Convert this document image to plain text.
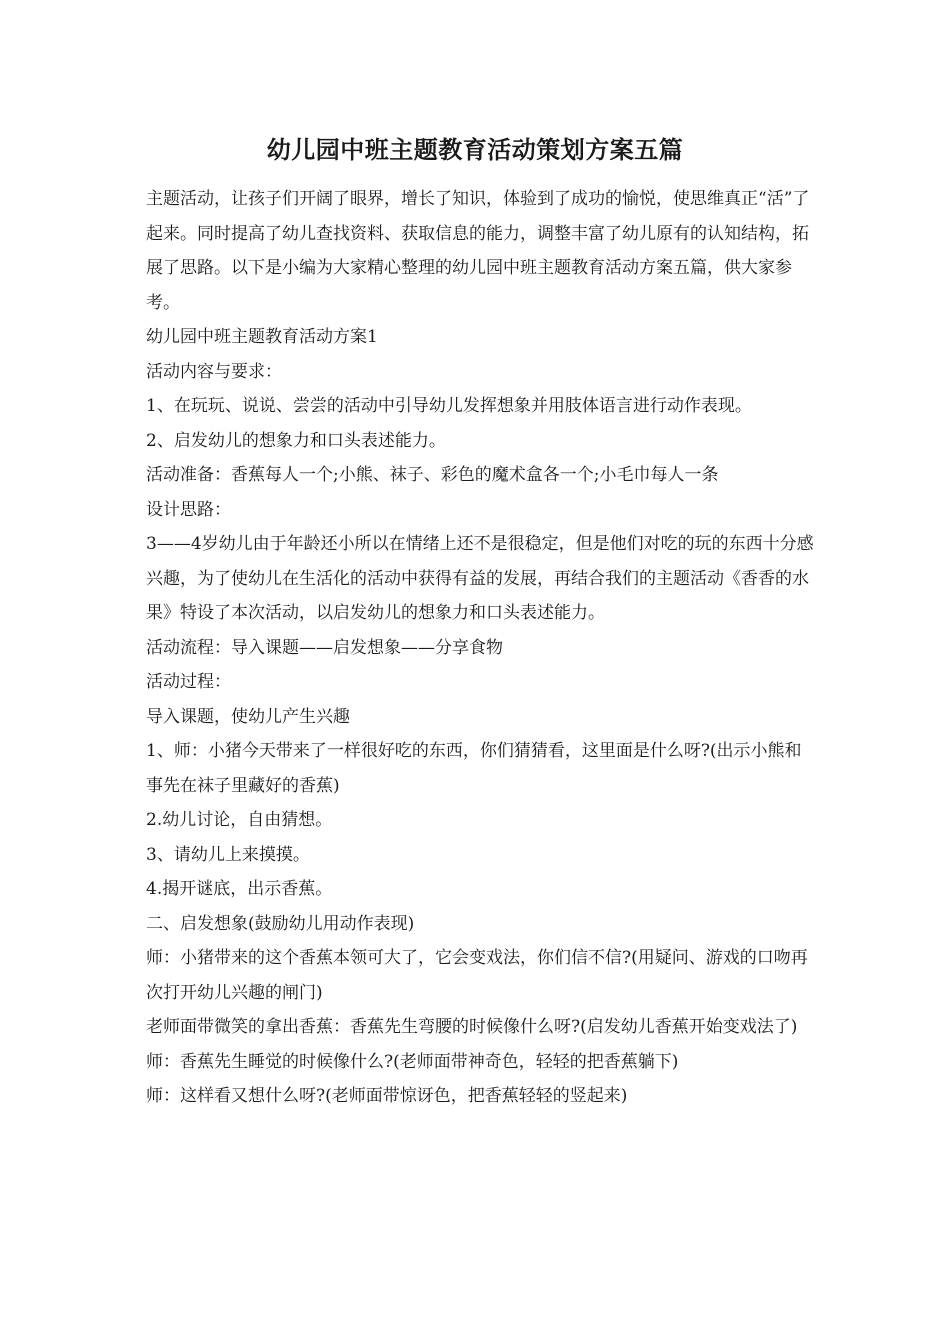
幼儿园中班主题教育活动策划方案五篇

主题活动，让孩子们开阔了眼界，增长了知识，体验到了成功的愉悦，使思维真正“活”了起来。同时提高了幼儿查找资料、获取信息的能力，调整丰富了幼儿原有的认知结构，拓展了思路。以下是小编为大家精心整理的幼儿园中班主题教育活动方案五篇，供大家参考。

幼儿园中班主题教育活动方案1

活动内容与要求：

1、在玩玩、说说、尝尝的活动中引导幼儿发挥想象并用肢体语言进行动作表现。

2、启发幼儿的想象力和口头表述能力。

活动准备：香蕉每人一个;小熊、袜子、彩色的魔术盒各一个;小毛巾每人一条

设计思路：

3——4岁幼儿由于年龄还小所以在情绪上还不是很稳定，但是他们对吃的玩的东西十分感兴趣，为了使幼儿在生活化的活动中获得有益的发展，再结合我们的主题活动《香香的水果》特设了本次活动，以启发幼儿的想象力和口头表述能力。

活动流程：导入课题——启发想象——分享食物

活动过程：

导入课题，使幼儿产生兴趣

1、师：小猪今天带来了一样很好吃的东西，你们猜猜看，这里面是什么呀?(出示小熊和事先在袜子里藏好的香蕉)

2.幼儿讨论，自由猜想。

3、请幼儿上来摸摸。

4.揭开谜底，出示香蕉。

二、启发想象(鼓励幼儿用动作表现)

师：小猪带来的这个香蕉本领可大了，它会变戏法，你们信不信?(用疑问、游戏的口吻再次打开幼儿兴趣的闸门)

老师面带微笑的拿出香蕉：香蕉先生弯腰的时候像什么呀?(启发幼儿香蕉开始变戏法了)

师：香蕉先生睡觉的时候像什么?(老师面带神奇色，轻轻的把香蕉躺下)

师：这样看又想什么呀?(老师面带惊讶色，把香蕉轻轻的竖起来)
